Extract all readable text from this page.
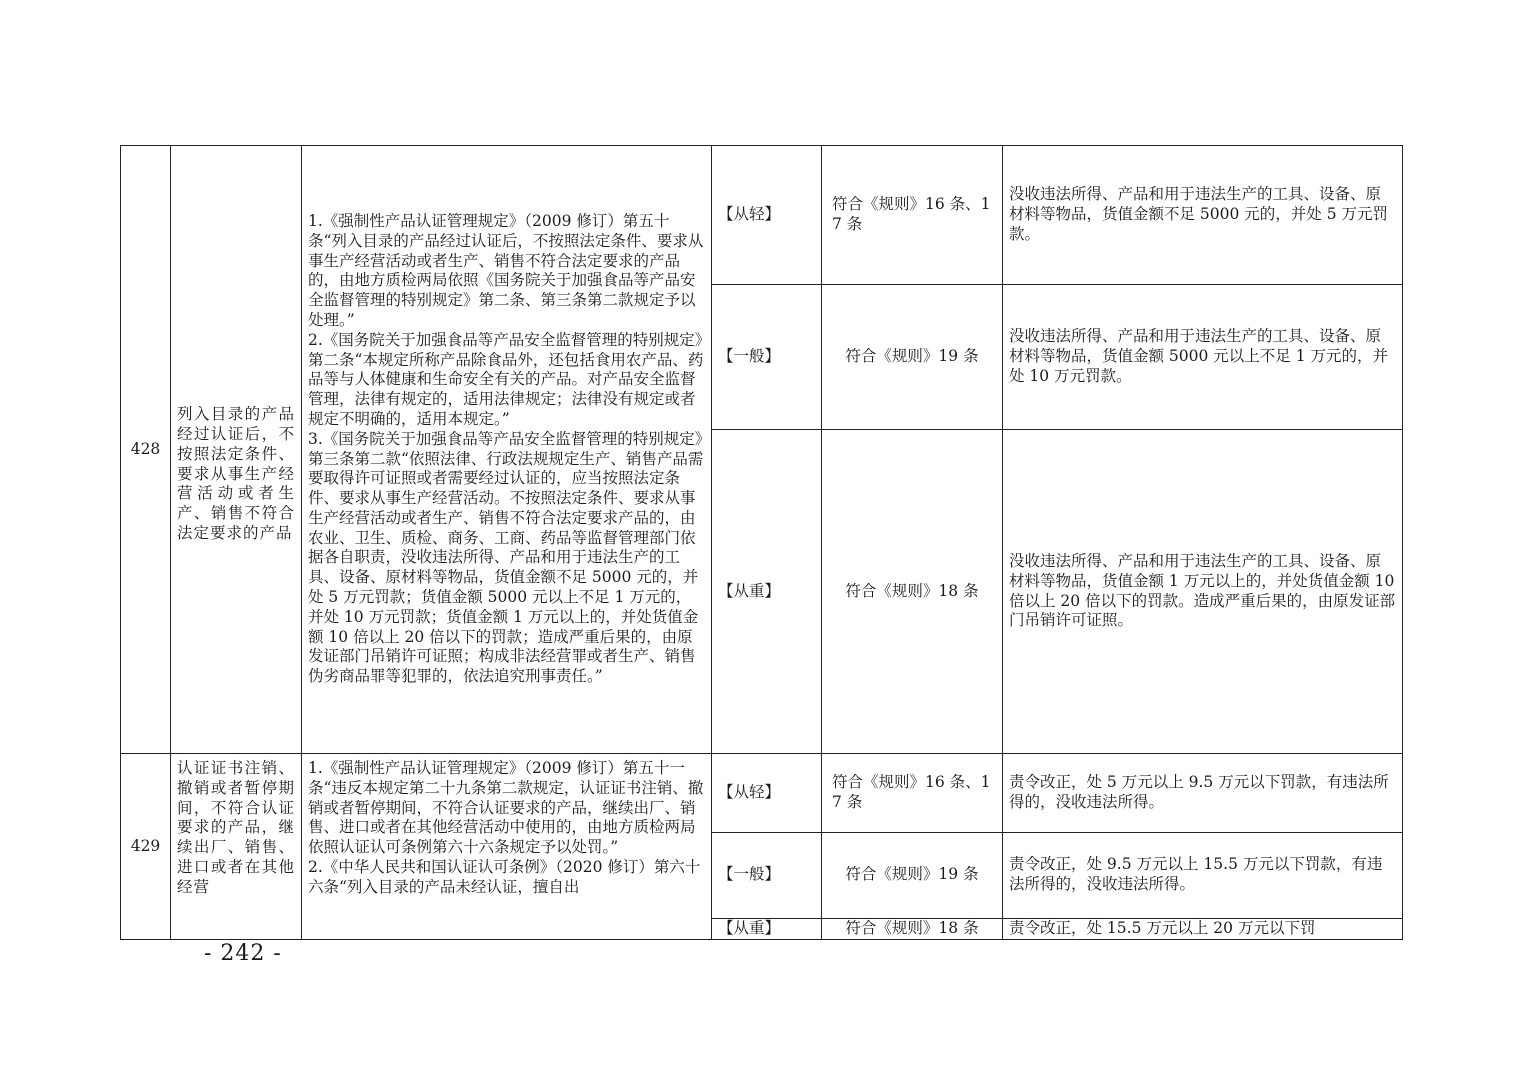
428	列入目录的产品经过认证后，不按照法定条件、要求从事生产经营活动或者生产、销售不符合法定要求的产品	1.《强制性产品认证管理规定》（2009 修订）第五十条“列入目录的产品经过认证后，不按照法定条件、要求从事生产经营活动或者生产、销售不符合法定要求的产品的，由地方质检两局依照《国务院关于加强食品等产品安全监督管理的特别规定》第二条、第三条第二款规定予以处理。”
2.《国务院关于加强食品等产品安全监督管理的特别规定》第二条“本规定所称产品除食品外，还包括食用农产品、药品等与人体健康和生命安全有关的产品。对产品安全监督管理，法律有规定的，适用法律规定；法律没有规定或者规定不明确的，适用本规定。”
3.《国务院关于加强食品等产品安全监督管理的特别规定》第三条第二款“依照法律、行政法规规定生产、销售产品需要取得许可证照或者需要经过认证的，应当按照法定条件、要求从事生产经营活动。不按照法定条件、要求从事生产经营活动或者生产、销售不符合法定要求产品的，由农业、卫生、质检、商务、工商、药品等监督管理部门依据各自职责，没收违法所得、产品和用于违法生产的工具、设备、原材料等物品，货值金额不足 5000 元的，并处 5 万元罚款；货值金额 5000 元以上不足 1 万元的，并处 10 万元罚款；货值金额 1 万元以上的，并处货值金额 10 倍以上 20 倍以下的罚款；造成严重后果的，由原发证部门吊销许可证照；构成非法经营罪或者生产、销售伪劣商品罪等犯罪的，依法追究刑事责任。”	【从轻】	符合《规则》16 条、17 条	没收违法所得、产品和用于违法生产的工具、设备、原材料等物品，货值金额不足 5000 元的，并处 5 万元罚款。
			【一般】	符合《规则》19 条	没收违法所得、产品和用于违法生产的工具、设备、原材料等物品，货值金额 5000 元以上不足 1 万元的，并处 10 万元罚款。
			【从重】	符合《规则》18 条	没收违法所得、产品和用于违法生产的工具、设备、原材料等物品，货值金额 1 万元以上的，并处货值金额 10 倍以上 20 倍以下的罚款。造成严重后果的，由原发证部门吊销许可证照。
429	认证证书注销、撤销或者暂停期间，不符合认证要求的产品，继续出厂、销售、进口或者在其他经营	1.《强制性产品认证管理规定》（2009 修订）第五十一条“违反本规定第二十九条第二款规定，认证证书注销、撤销或者暂停期间，不符合认证要求的产品，继续出厂、销售、进口或者在其他经营活动中使用的，由地方质检两局依照认证认可条例第六十六条规定予以处罚。”
2.《中华人民共和国认证认可条例》（2020 修订）第六十六条“列入目录的产品未经认证，擅自出	【从轻】	符合《规则》16 条、17 条	责令改正，处 5 万元以上 9.5 万元以下罚款，有违法所得的，没收违法所得。
			【一般】	符合《规则》19 条	责令改正，处 9.5 万元以上 15.5 万元以下罚款，有违法所得的，没收违法所得。

			【从重】	符合《规则》18 条	责令改正，处 15.5 万元以上 20 万元以下罚
- 242 -
